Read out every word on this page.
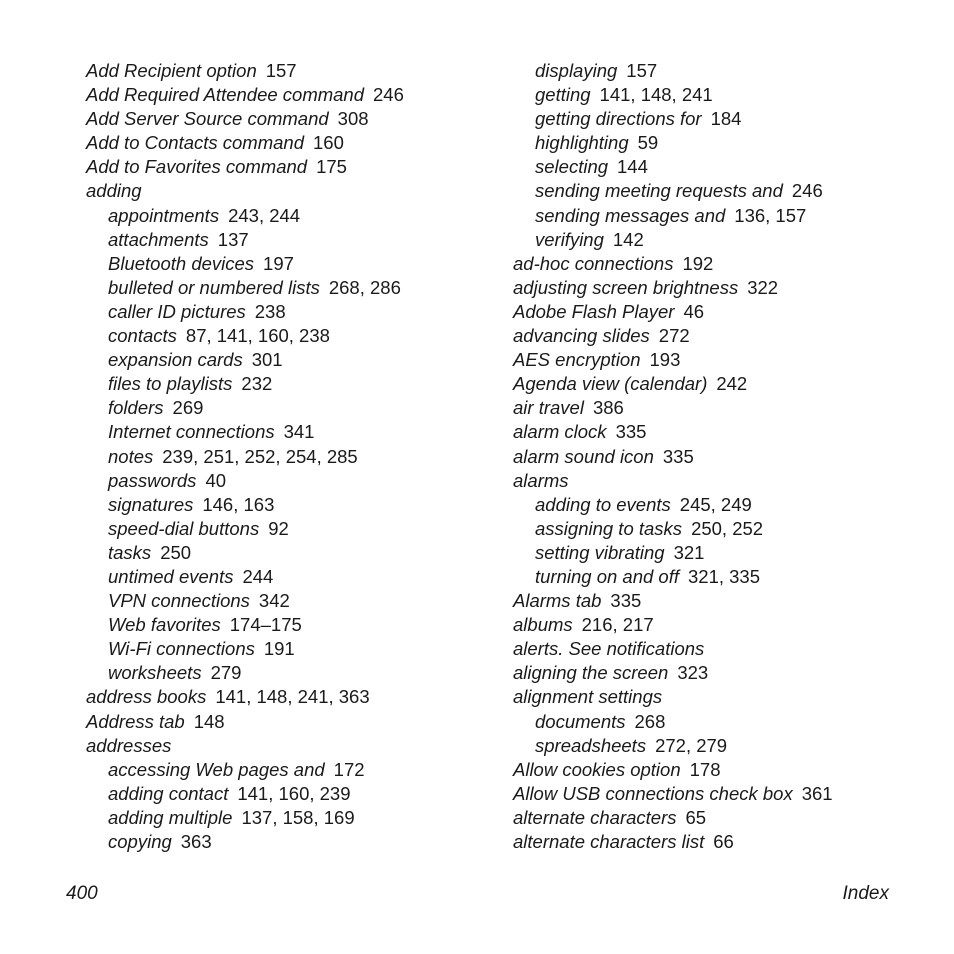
Add Recipient option 157
Add Required Attendee command 246
Add Server Source command 308
Add to Contacts command 160
Add to Favorites command 175
adding
appointments 243, 244
attachments 137
Bluetooth devices 197
bulleted or numbered lists 268, 286
caller ID pictures 238
contacts 87, 141, 160, 238
expansion cards 301
files to playlists 232
folders 269
Internet connections 341
notes 239, 251, 252, 254, 285
passwords 40
signatures 146, 163
speed-dial buttons 92
tasks 250
untimed events 244
VPN connections 342
Web favorites 174–175
Wi-Fi connections 191
worksheets 279
address books 141, 148, 241, 363
Address tab 148
addresses
accessing Web pages and 172
adding contact 141, 160, 239
adding multiple 137, 158, 169
copying 363
displaying 157
getting 141, 148, 241
getting directions for 184
highlighting 59
selecting 144
sending meeting requests and 246
sending messages and 136, 157
verifying 142
ad-hoc connections 192
adjusting screen brightness 322
Adobe Flash Player 46
advancing slides 272
AES encryption 193
Agenda view (calendar) 242
air travel 386
alarm clock 335
alarm sound icon 335
alarms
adding to events 245, 249
assigning to tasks 250, 252
setting vibrating 321
turning on and off 321, 335
Alarms tab 335
albums 216, 217
alerts. See notifications
aligning the screen 323
alignment settings
documents 268
spreadsheets 272, 279
Allow cookies option 178
Allow USB connections check box 361
alternate characters 65
alternate characters list 66
400	Index
